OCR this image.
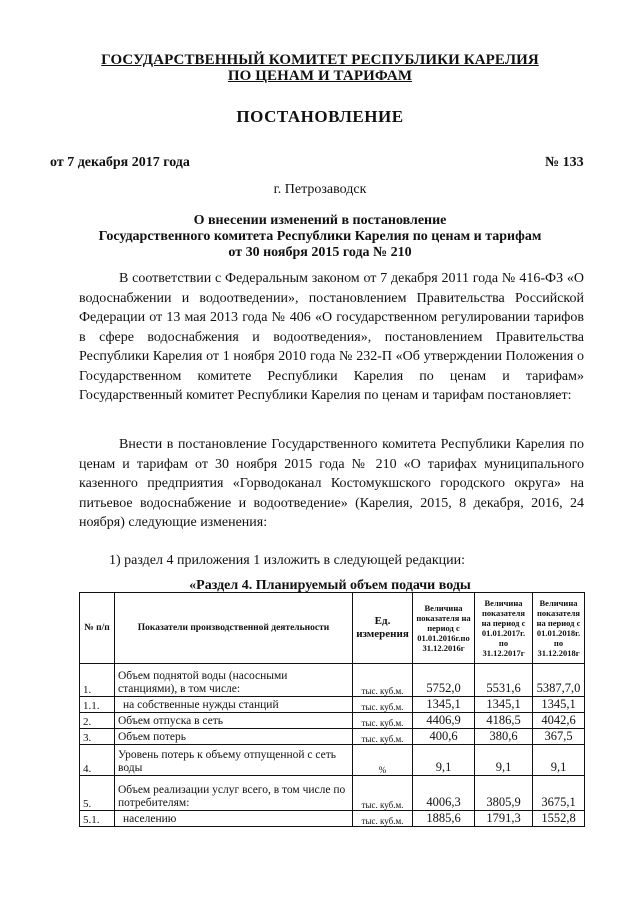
ГОСУДАРСТВЕННЫЙ КОМИТЕТ РЕСПУБЛИКИ КАРЕЛИЯ
ПО ЦЕНАМ И ТАРИФАМ
ПОСТАНОВЛЕНИЕ
от 7 декабря 2017 года	№ 133
г. Петрозаводск
О внесении изменений в постановление
Государственного комитета Республики Карелия по ценам и тарифам
от 30 ноября 2015 года № 210
В соответствии с Федеральным законом от 7 декабря 2011 года № 416-ФЗ «О водоснабжении и водоотведении», постановлением Правительства Российской Федерации от 13 мая 2013 года № 406 «О государственном регулировании тарифов в сфере водоснабжения и водоотведения», постановлением Правительства Республики Карелия от 1 ноября 2010 года № 232-П «Об утверждении Положения о Государственном комитете Республики Карелия по ценам и тарифам» Государственный комитет Республики Карелия по ценам и тарифам постановляет:
Внести в постановление Государственного комитета Республики Карелия по ценам и тарифам от 30 ноября 2015 года № 210 «О тарифах муниципального казенного предприятия «Горводоканал Костомукшского городского округа» на питьевое водоснабжение и водоотведение» (Карелия, 2015, 8 декабря, 2016, 24 ноября) следующие изменения:
1) раздел 4 приложения 1 изложить в следующей редакции:
«Раздел 4. Планируемый объем подачи воды
№ п/п	Показатели производственной деятельности	Ед. измерения	Величина показателя на период с 01.01.2016г.по 31.12.2016г	Величина показателя на период с 01.01.2017г. по 31.12.2017г	Величина показателя на период с 01.01.2018г. по 31.12.2018г
1.	Объем поднятой воды (насосными станциями), в том числе:	тыс. куб.м.	5752,0	5531,6	5387,7,0
1.1.	на собственные нужды станций	тыс. куб.м.	1345,1	1345,1	1345,1
2.	Объем отпуска в сеть	тыс. куб.м.	4406,9	4186,5	4042,6
3.	Объем потерь	тыс. куб.м.	400,6	380,6	367,5
4.	Уровень потерь к объему отпущенной с сеть воды	%	9,1	9,1	9,1
5.	Объем реализации услуг всего, в том числе по потребителям:	тыс. куб.м.	4006,3	3805,9	3675,1
5.1.	населению	тыс. куб.м.	1885,6	1791,3	1552,8
